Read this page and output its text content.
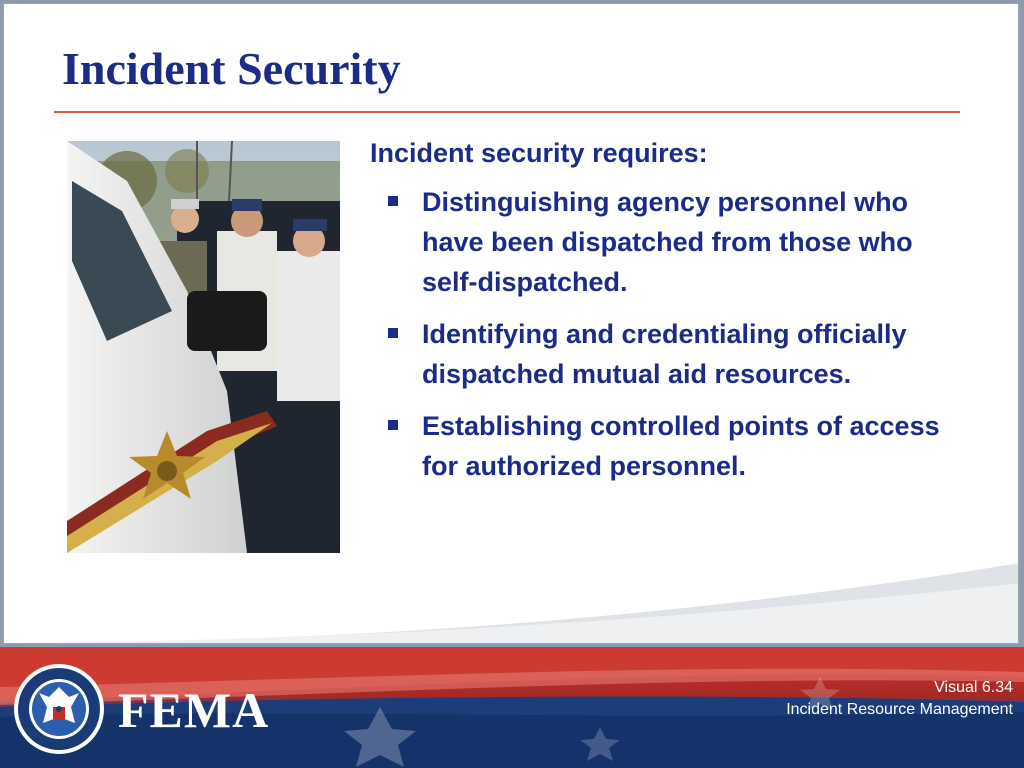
Incident Security
Incident security requires:
Distinguishing agency personnel who have been dispatched from those who self-dispatched.
Identifying and credentialing officially dispatched mutual aid resources.
Establishing controlled points of access for authorized personnel.
FEMA	Visual 6.34
Incident Resource Management
